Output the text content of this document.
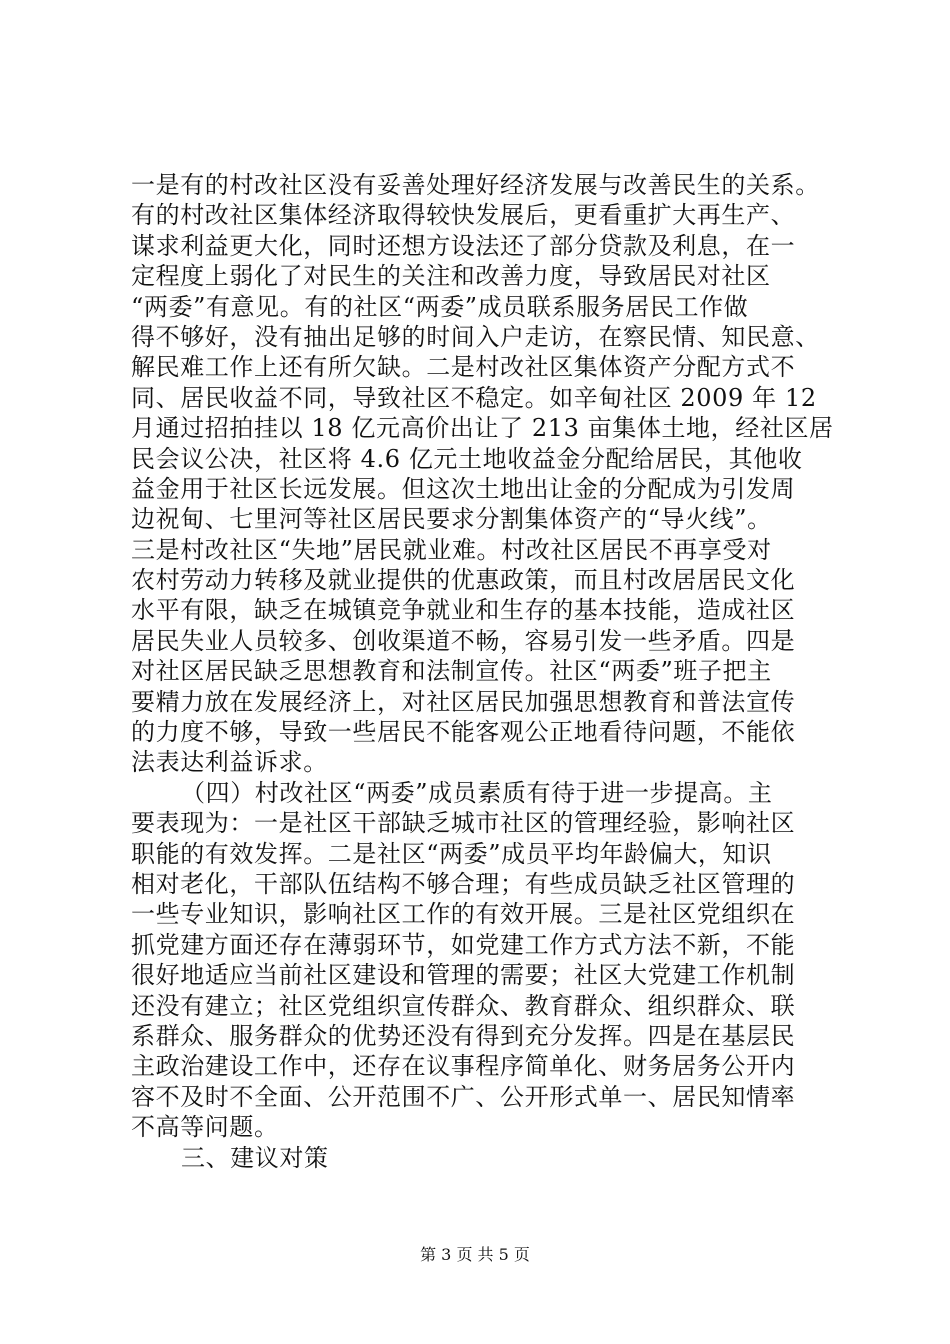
一是有的村改社区没有妥善处理好经济发展与改善民生的关系。
有的村改社区集体经济取得较快发展后，更看重扩大再生产、
谋求利益更大化，同时还想方设法还了部分贷款及利息，在一
定程度上弱化了对民生的关注和改善力度，导致居民对社区
“两委”有意见。有的社区“两委”成员联系服务居民工作做
得不够好，没有抽出足够的时间入户走访，在察民情、知民意、
解民难工作上还有所欠缺。二是村改社区集体资产分配方式不
同、居民收益不同，导致社区不稳定。如辛甸社区 2009 年 12
月通过招拍挂以 18 亿元高价出让了 213 亩集体土地，经社区居
民会议公决，社区将 4.6 亿元土地收益金分配给居民，其他收
益金用于社区长远发展。但这次土地出让金的分配成为引发周
边祝甸、七里河等社区居民要求分割集体资产的“导火线”。
三是村改社区“失地”居民就业难。村改社区居民不再享受对
农村劳动力转移及就业提供的优惠政策，而且村改居居民文化
水平有限，缺乏在城镇竞争就业和生存的基本技能，造成社区
居民失业人员较多、创收渠道不畅，容易引发一些矛盾。四是
对社区居民缺乏思想教育和法制宣传。社区“两委”班子把主
要精力放在发展经济上，对社区居民加强思想教育和普法宣传
的力度不够，导致一些居民不能客观公正地看待问题，不能依
法表达利益诉求。
（四）村改社区“两委”成员素质有待于进一步提高。主
要表现为：一是社区干部缺乏城市社区的管理经验，影响社区
职能的有效发挥。二是社区“两委”成员平均年龄偏大，知识
相对老化，干部队伍结构不够合理；有些成员缺乏社区管理的
一些专业知识，影响社区工作的有效开展。三是社区党组织在
抓党建方面还存在薄弱环节，如党建工作方式方法不新，不能
很好地适应当前社区建设和管理的需要；社区大党建工作机制
还没有建立；社区党组织宣传群众、教育群众、组织群众、联
系群众、服务群众的优势还没有得到充分发挥。四是在基层民
主政治建设工作中，还存在议事程序简单化、财务居务公开内
容不及时不全面、公开范围不广、公开形式单一、居民知情率
不高等问题。
三、建议对策
第 3 页 共 5 页
